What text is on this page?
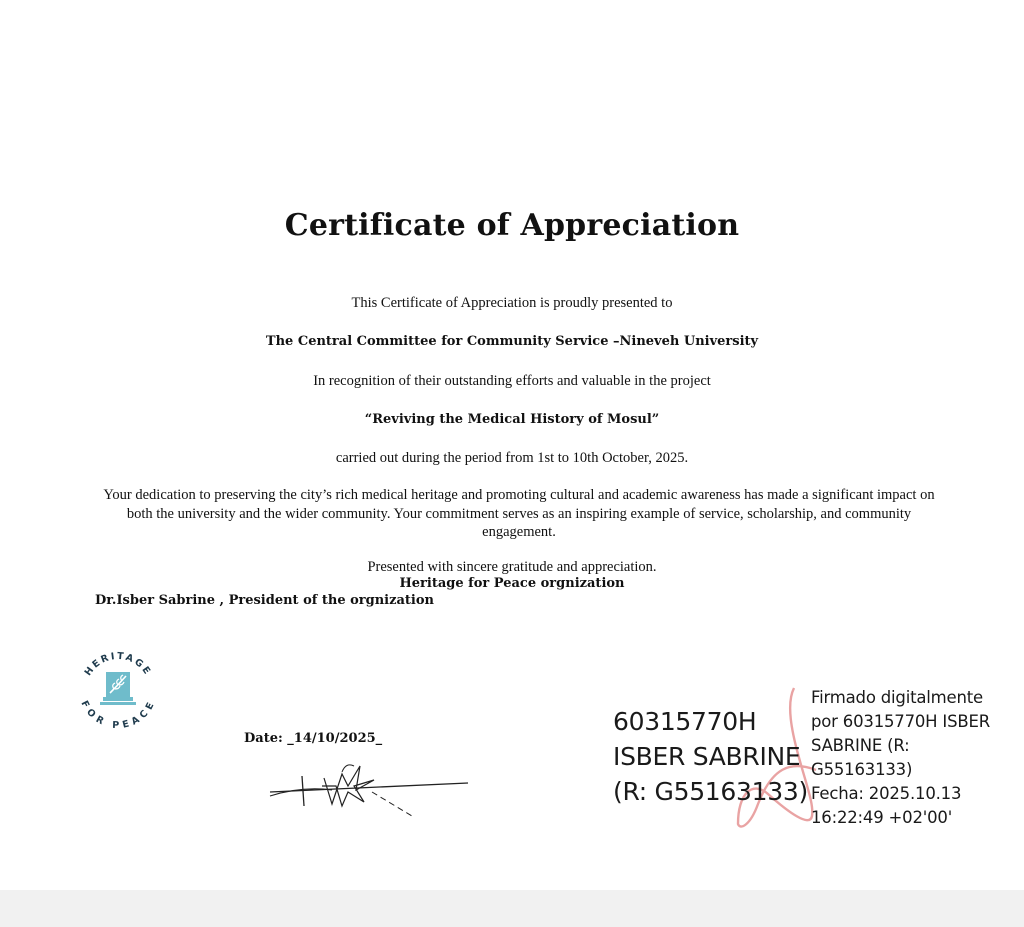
Certificate of Appreciation
This Certificate of Appreciation is proudly presented to
The Central Committee for Community Service –Nineveh University
In recognition of their outstanding efforts and valuable in the project
“Reviving the Medical History of Mosul”
carried out during the period from 1st to 10th October, 2025.
Your dedication to preserving the city’s rich medical heritage and promoting cultural and academic awareness has made a significant impact on both the university and the wider community. Your commitment serves as an inspiring example of service, scholarship, and community engagement.
Presented with sincere gratitude and appreciation.
Heritage for Peace orgnization
Dr.Isber Sabrine , President of the orgnization
HERITAGE
FOR PEACE
Date: _14/10/2025_
60315770H
ISBER SABRINE
(R: G55163133)
Firmado digitalmente
por 60315770H ISBER
SABRINE (R:
G55163133)
Fecha: 2025.10.13
16:22:49 +02'00'
